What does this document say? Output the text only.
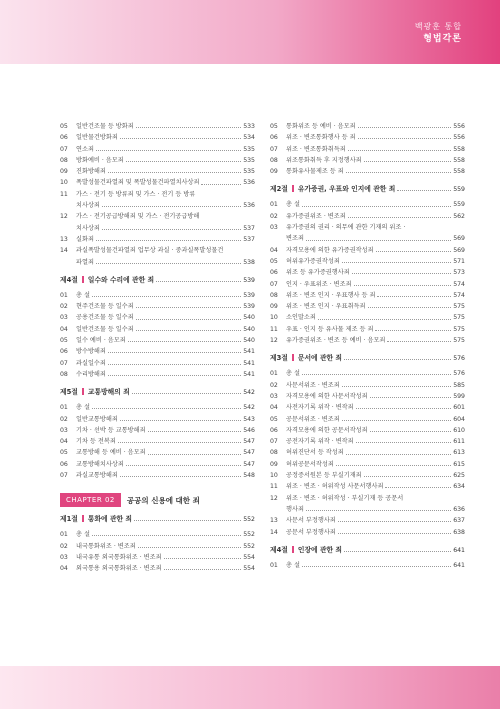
백광훈 통합
형법각론
05	일반건조물 등 방화죄	533
06	일반물건방화죄	534
07	연소죄	535
08	방화예비 · 음모죄	535
09	진화방해죄	535
10	폭발성물건파열죄 및 폭발성물건파열치사상죄	536
11	가스 · 전기 등 방류죄 및 가스 · 전기 등 방류
치사상죄	536
12	가스 · 전기공급방해죄 및 가스 · 전기공급방해
치사상죄	537
13	실화죄	537
14	과실폭발성물건파열죄 업무상 과실 · 중과실폭발성물건
파열죄	538
제4절 일수와 수리에 관한 죄	539
01	총 설	539
02	현주건조물 등 일수죄	539
03	공용건조물 등 일수죄	540
04	일반건조물 등 일수죄	540
05	일수 예비 · 음모죄	540
06	방수방해죄	541
07	과실일수죄	541
08	수리방해죄	541
제5절 교통방해의 죄	542
01	총 설	542
02	일반교통방해죄	543
03	기차 · 선박 등 교통방해죄	546
04	기차 등 전복죄	547
05	교통방해 등 예비 · 음모죄	547
06	교통방해치사상죄	547
07	과실교통방해죄	548
CHAPTER 02	공공의 신용에 대한 죄
제1절 통화에 관한 죄	552
01	총 설	552
02	내국통화위조 · 변조죄	552
03	내국유통 외국통화위조 · 변조죄	554
04	외국통용 외국통화위조 · 변조죄	554
05	통화위조 등 예비 · 음모죄	556
06	위조 · 변조통화행사 등 죄	556
07	위조 · 변조통화취득죄	558
08	위조통화취득 후 지정행사죄	558
09	통화유사물제조 등 죄	558
제2절 유가증권, 우표와 인지에 관한 죄	559
01	총 설	559
02	유가증권위조 · 변조죄	562
03	유가증권의 권리 · 의무에 관한 기재의 위조 ·
변조죄	569
04	자격모용에 의한 유가증권작성죄	569
05	허위유가증권작성죄	571
06	위조 등 유가증권행사죄	573
07	인지 · 우표위조 · 변조죄	574
08	위조 · 변조 인지 · 우표행사 등 죄	574
09	위조 · 변조 인지 · 우표취득죄	575
10	소인말소죄	575
11	우표 · 인지 등 유사물 제조 등 죄	575
12	유가증권위조 · 변조 등 예비 · 음모죄	575
제3절 문서에 관한 죄	576
01	총 설	576
02	사문서위조 · 변조죄	585
03	자격모용에 의한 사문서작성죄	599
04	사전자기록 위작 · 변작죄	601
05	공문서위조 · 변조죄	604
06	자격모용에 의한 공문서작성죄	610
07	공전자기록 위작 · 변작죄	611
08	허위진단서 등 작성죄	613
09	허위공문서작성죄	615
10	공정증서원본 등 부실기재죄	625
11	위조 · 변조 · 허위작성 사문서행사죄	634
12	위조 · 변조 · 허위작성 · 부실기재 등 공문서
행사죄	636
13	사문서 부정행사죄	637
14	공문서 부정행사죄	638
제4절 인장에 관한 죄	641
01	총 설	641
